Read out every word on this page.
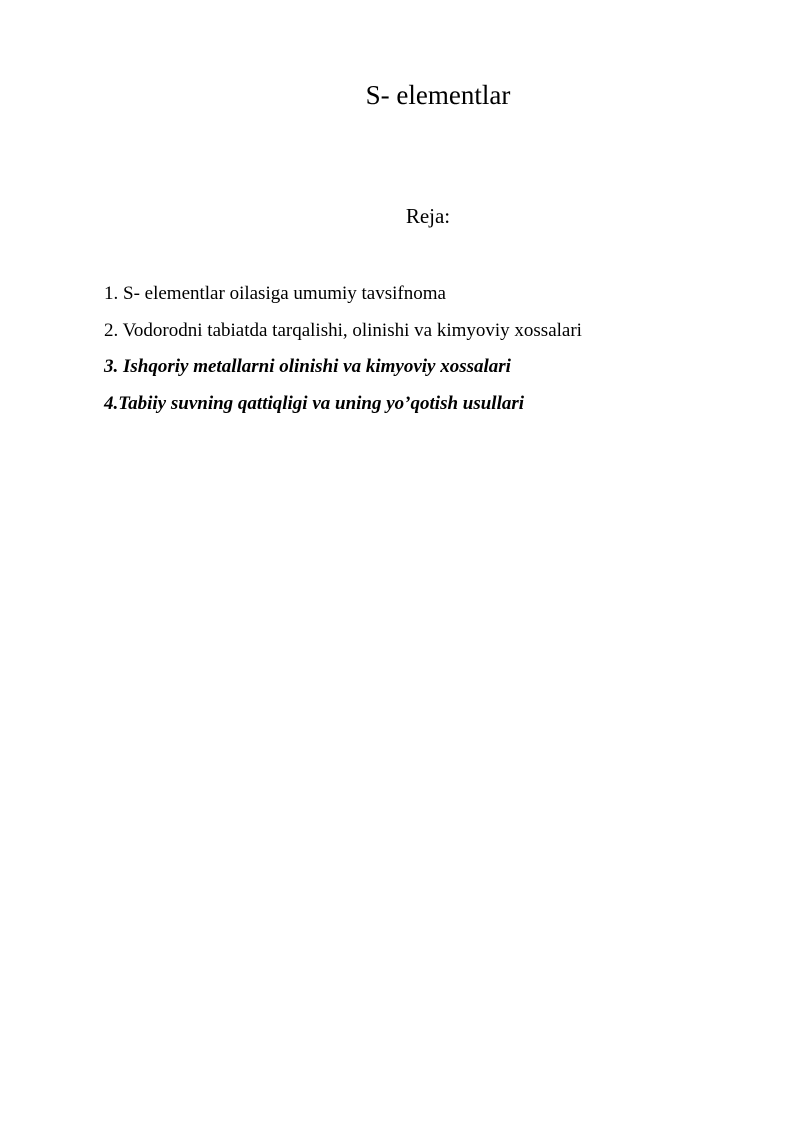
S- elementlar
Reja:
1. S- elementlar oilasiga umumiy tavsifnoma
2. Vodorodni tabiatda tarqalishi, olinishi va kimyoviy xossalari
3. Ishqoriy metallarni olinishi va kimyoviy xossalari
4.Tabiiy suvning qattiqligi va uning yo’qotish usullari
